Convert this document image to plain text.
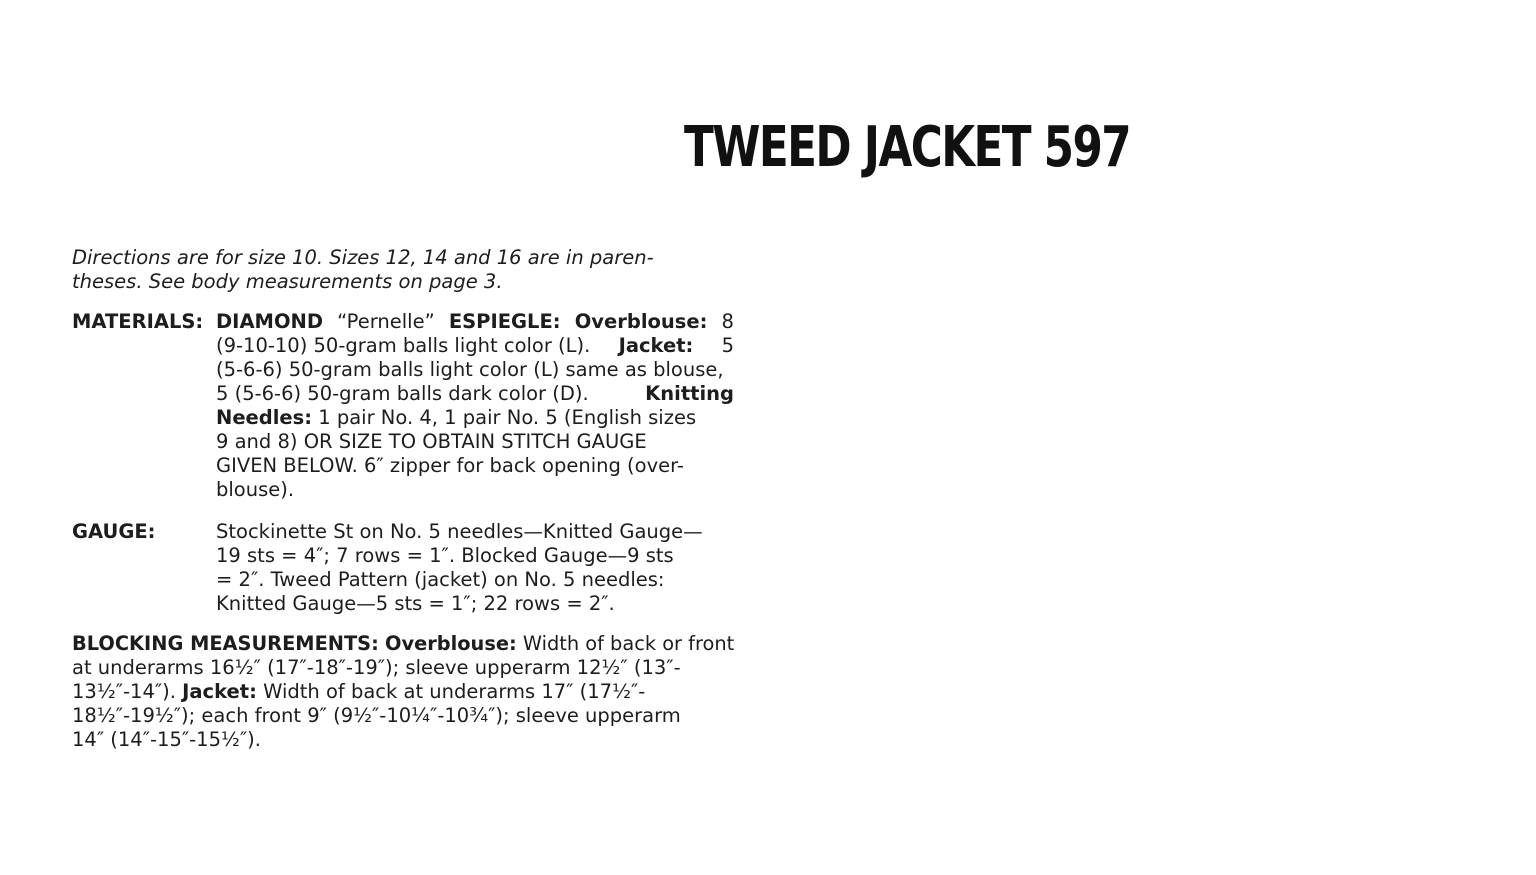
TWEED JACKET 597

Directions are for size 10. Sizes 12, 14 and 16 are in paren-

theses. See body measurements on page 3.

MATERIALS: DIAMOND “Pernelle” ESPIEGLE: Overblouse: 8
(9-10-10) 50-gram balls light color (L). Jacket: 5
(5-6-6) 50-gram balls light color (L) same as blouse,
5 (5-6-6) 50-gram balls dark color (D).	Knitting
Needles: 1 pair No. 4, 1 pair No. 5 (English sizes
9 and 8) OR SIZE TO OBTAIN STITCH GAUGE
GIVEN BELOW. 6″ zipper for back opening (over-
blouse).
GAUGE:	Stockinette St on No. 5 needles—Knitted Gauge—
19 sts = 4″; 7 rows = 1″. Blocked Gauge—9 sts
= 2″. Tweed Pattern (jacket) on No. 5 needles:
Knitted Gauge—5 sts = 1″; 22 rows = 2″.
BLOCKING MEASUREMENTS: Overblouse: Width of back or front
at underarms 16½″ (17″-18″-19″); sleeve upperarm 12½″ (13″-
13½″-14″). Jacket: Width of back at underarms 17″ (17½″-
18½″-19½″); each front 9″ (9½″-10¼″-10¾″); sleeve upperarm
14″ (14″-15″-15½″).
